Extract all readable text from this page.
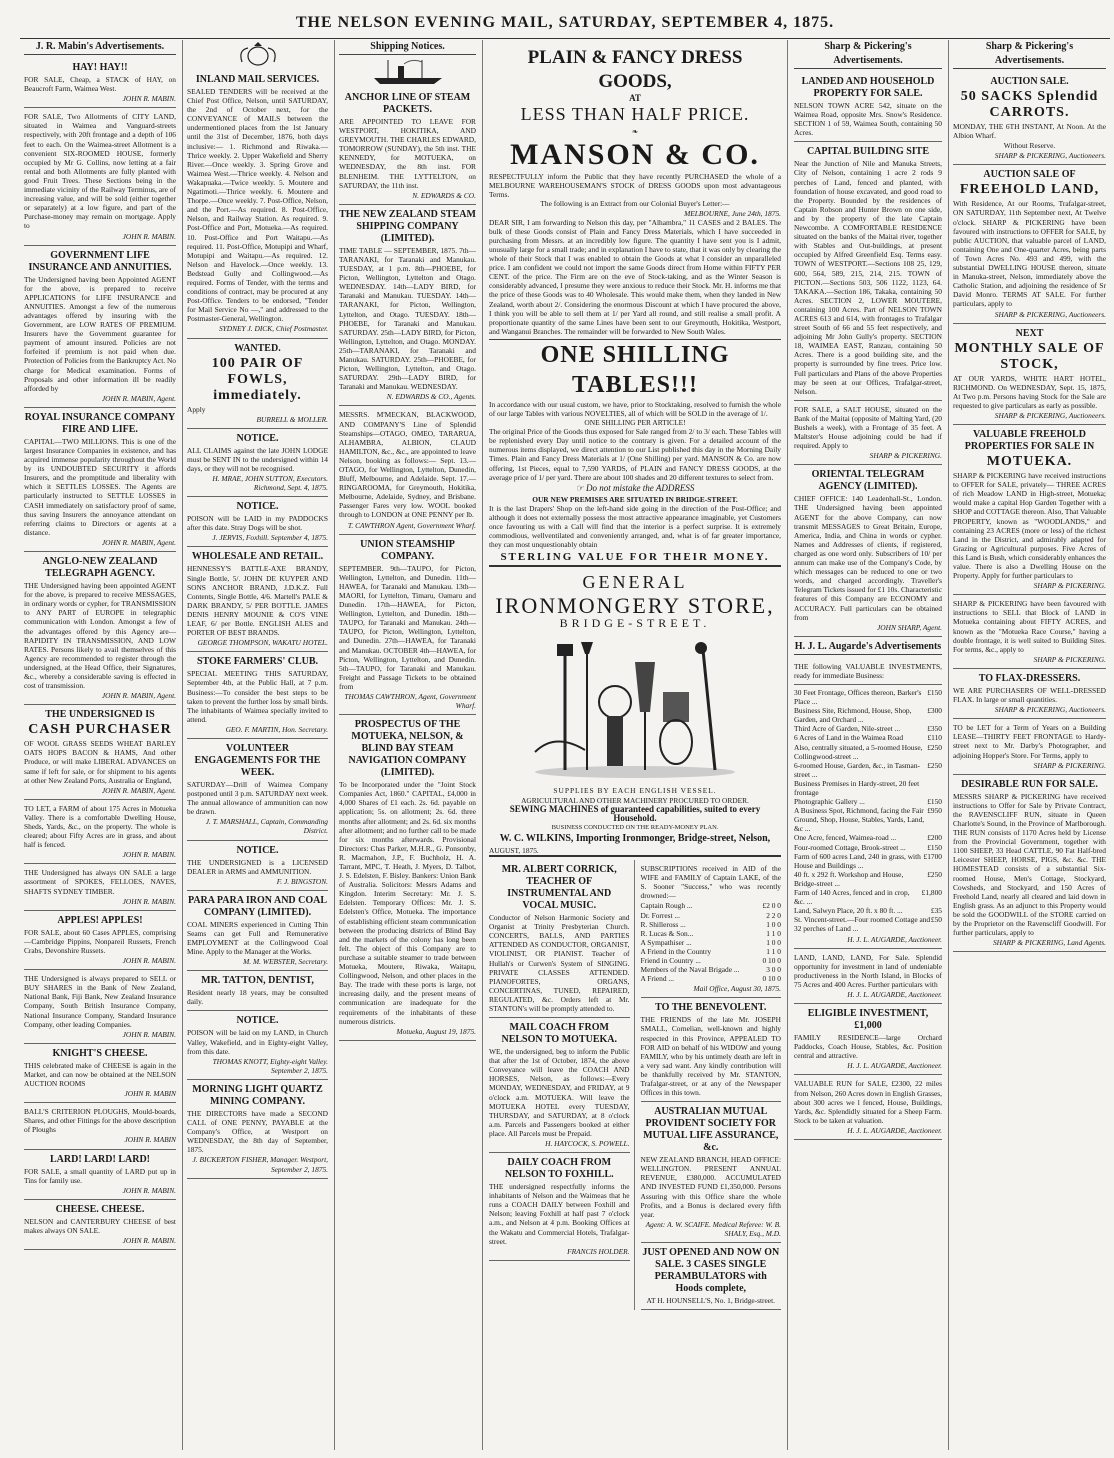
THE NELSON EVENING MAIL, SATURDAY, SEPTEMBER 4, 1875.
J. R. Mabin's Advertisements.
HAY! HAY!!
FOR SALE, Cheap, a STACK of HAY, on Beaucroft Farm, Waimea West.
JOHN R. MABIN.
FOR SALE, Two Allotments of CITY LAND, situated in Waimea and Vanguard-streets respectively, with 20ft frontage and a depth of 106 feet to each. On the Waimea-street Allotment is a convenient SIX-ROOMED HOUSE, formerly occupied by Mr G. Collins, now letting at a fair rental and both Allotments are fully planted with good Fruit Trees. These Sections being in the immediate vicinity of the Railway Terminus, are of increasing value, and will be sold (either together or separately) at a low figure, and part of the Purchase-money may remain on mortgage. Apply to
JOHN R. MABIN.
GOVERNMENT LIFE INSURANCE AND ANNUITIES.
The Undersigned having been Appointed AGENT for the above, is prepared to receive APPLICATIONS for LIFE INSURANCE and ANNUITIES. Amongst a few of the numerous advantages offered by insuring with the Government, are LOW RATES OF PREMIUM. Insurers have the Government guarantee for payment of amount insured. Policies are not forfeited if premium is not paid when due. Protection of Policies from the Bankruptcy Act. No charge for Medical examination. Forms of Proposals and other information ill be readily afforded by
JOHN R. MABIN, Agent.
ROYAL INSURANCE COMPANY FIRE AND LIFE.
CAPITAL—TWO MILLIONS. This is one of the largest Insurance Companies in existence, and has acquired immense popularity throughout the World by its UNDOUBTED SECURITY it affords Insurers, and the promptitude and liberality with which it SETTLES LOSSES. The Agents are particularly instructed to SETTLE LOSSES in CASH immediately on satisfactory proof of same, thus saving Insurers the annoyance attendant on referring claims to Directors or agents at a distance.
JOHN R. MABIN, Agent.
ANGLO-NEW ZEALAND TELEGRAPH AGENCY.
THE Undersigned having been appointed AGENT for the above, is prepared to receive MESSAGES, in ordinary words or cypher, for TRANSMISSION to ANY PART of EUROPE in telegraphic communication with London. Amongst a few of the advantages offered by this Agency are— RAPIDITY IN TRANSMISSION, AND LOW RATES. Persons likely to avail themselves of this Agency are recommended to register through the undersigned, at the Head Office, their Signatures, &c., whereby a considerable saving is effected in cost of transmission.
JOHN R. MABIN, Agent.
THE UNDERSIGNED IS
CASH PURCHASER
OF WOOL GRASS SEEDS WHEAT BARLEY OATS HOPS BACON & HAMS, And other Produce, or will make LIBERAL ADVANCES on same if left for sale, or for shipment to his agents at other New Zealand Ports, Australia or England,
JOHN R. MABIN, Agent.
TO LET, a FARM of about 175 Acres in Motueka Valley. There is a comfortable Dwelling House, Sheds, Yards, &c., on the property. The whole is cleared; about Fifty Acres are in grass, and about half is fenced.
JOHN R. MABIN.
THE Undersigned has always ON SALE a large assortment of SPOKES, FELLOES, NAVES, SHAFTS SYDNEY TIMBER.
JOHN R. MABIN.
APPLES! APPLES!
FOR SALE, about 60 Cases APPLES, comprising—Cambridge Pippins, Nonpareil Russets, French Crabs, Devonshire Russets.
JOHN R. MABIN.
THE Undersigned is always prepared to SELL or BUY SHARES in the Bank of New Zealand, National Bank, Fiji Bank, New Zealand Insurance Company, South British Insurance Company, National Insurance Company, Standard Insurance Company, other leading Companies.
JOHN R. MABIN.
KNIGHT'S CHEESE.
THIS celebrated make of CHEESE is again in the Market, and can now be obtained at the NELSON AUCTION ROOMS
JOHN R. MABIN
BALL'S CRITERION PLOUGHS, Mould-boards, Shares, and other Fittings for the above description of Ploughs
JOHN R. MABIN
LARD! LARD! LARD!
FOR SALE, a small quantity of LARD put up in Tins for family use.
JOHN R. MABIN.
CHEESE. CHEESE.
NELSON and CANTERBURY CHEESE of best makes always ON SALE.
JOHN R. MABIN.
INLAND MAIL SERVICES.
SEALED TENDERS will be received at the Chief Post Office, Nelson, until SATURDAY, the 2nd of October next, for the CONVEYANCE of MAILS between the undermentioned places from the 1st January until the 31st of December, 1876, both days inclusive:— 1. Richmond and Riwaka.—Thrice weekly. 2. Upper Wakefield and Sherry River.—Once weekly. 3. Spring Grove and Waimea West.—Thrice weekly. 4. Nelson and Wakapuaka.—Twice weekly. 5. Moutere and Ngatimoti.—Thrice weekly. 6. Moutere and Thorpe.—Once weekly. 7. Post-Office, Nelson, and the Port.—As required. 8. Post-Office, Nelson, and Railway Station. As required. 9. Post-Office and Port, Motueka.—As required. 10. Post-Office and Port Waitapu.—As required. 11. Post-Office, Motupipi and Wharf, Motupipi and Waitapu.—As required. 12. Nelson and Havelock.—Once weekly. 13. Bedstead Gully and Collingwood.—As required. Forms of Tender, with the terms and conditions of contract, may be procured at any Post-Office. Tenders to be endorsed, "Tender for Mail Service No —," and addressed to the Postmaster-General, Wellington.
SYDNEY J. DICK, Chief Postmaster.
WANTED.
100 PAIR OF FOWLS, immediately.
Apply
BURRELL & MOLLER.
NOTICE.
ALL CLAIMS against the late JOHN LODGE must be SENT IN to the undersigned within 14 days, or they will not be recognised.
H. MRAE, JOHN SUTTON, Executors. Richmond, Sept. 4, 1875.
NOTICE.
POISON will be LAID in my PADDOCKS after this date. Stray Dogs will be shot.
J. JERVIS, Foxhill. September 4, 1875.
WHOLESALE AND RETAIL.
HENNESSY'S BATTLE-AXE BRANDY, Single Bottle, 5/. JOHN DE KUYPER AND SONS ANCHOR BRAND, J.D.K.Z. Full Contents, Single Bottle, 4/6. Martell's PALE & DARK BRANDY, 5/ PER BOTTLE. JAMES DENIS HENRY MOUNIE & CO'S VINE LEAF, 6/ per Bottle. ENGLISH ALES and PORTER OF BEST BRANDS.
GEORGE THOMPSON, WAKATU HOTEL.
STOKE FARMERS' CLUB.
SPECIAL MEETING THIS SATURDAY, September 4th, at the Public Hall, at 7 p.m. Business:—To consider the best steps to be taken to prevent the further loss by small birds. The inhabitants of Waimea specially invited to attend.
GEO. F. MARTIN, Hon. Secretary.
VOLUNTEER ENGAGEMENTS FOR THE WEEK.
SATURDAY—Drill of Waimea Company postponed until 3 p.m. SATURDAY next week. The annual allowance of ammunition can now be drawn.
J. T. MARSHALL, Captain, Commanding District.
NOTICE.
THE UNDERSIGNED is a LICENSED DEALER in ARMS and AMMUNITION.
F. J. BINGSTON.
PARA PARA IRON AND COAL COMPANY (LIMITED).
COAL MINERS experienced in Cutting Thin Seams can get Full and Remunerative EMPLOYMENT at the Collingwood Coal Mine. Apply to the Manager at the Works.
M. M. WEBSTER, Secretary.
MR. TATTON, DENTIST,
Resident nearly 18 years, may be consulted daily.
NOTICE.
POISON will be laid on my LAND, in Church Valley, Wakefield, and in Eighty-eight Valley, from this date.
THOMAS KNOTT, Eighty-eight Valley. September 2, 1875.
MORNING LIGHT QUARTZ MINING COMPANY.
THE DIRECTORS have made a SECOND CALL of ONE PENNY, PAYABLE at the Company's Office, at Westport on WEDNESDAY, the 8th day of September, 1875.
J. BICKERTON FISHER, Manager. Westport, September 2, 1875.
Shipping Notices.
ANCHOR LINE OF STEAM PACKETS.
ARE APPOINTED TO LEAVE FOR WESTPORT, HOKITIKA, AND GREYMOUTH. THE CHARLES EDWARD, TOMORROW (SUNDAY), the 5th inst. THE KENNEDY, for MOTUEKA, on WEDNESDAY, the 8th inst. FOR BLENHEIM. THE LYTTELTON, on SATURDAY, the 11th inst.
N. EDWARDS & CO.
THE NEW ZEALAND STEAM SHIPPING COMPANY (LIMITED).
TIME TABLE — SEPTEMBER, 1875. 7th—TARANAKI, for Taranaki and Manukau. TUESDAY, at 1 p.m. 8th—PHOEBE, for Picton, Wellington, Lyttelton and Otago. WEDNESDAY. 14th—LADY BIRD, for Taranaki and Manukau. TUESDAY. 14th—TARANAKI, for Picton, Wellington, Lyttelton, and Otago. TUESDAY. 18th—PHOEBE, for Taranaki and Manukau. SATURDAY. 25th—LADY BIRD, for Picton, Wellington, Lyttelton, and Otago. MONDAY. 25th—TARANAKI, for Taranaki and Manukau. SATURDAY. 25th—PHOEBE, for Picton, Wellington, Lyttelton, and Otago. SATURDAY. 29th—LADY BIRD, for Taranaki and Manukau. WEDNESDAY.
N. EDWARDS & CO., Agents.
MESSRS. M'MECKAN, BLACKWOOD, AND COMPANY'S Line of Splendid Steamships—OTAGO, OMEO, TARARUA, ALHAMBRA, ALBION, CLAUD HAMILTON, &c., &c., are appointed to leave Nelson, booking as follows:— Sept. 13.—OTAGO, for Wellington, Lyttelton, Dunedin, Bluff, Melbourne, and Adelaide. Sept. 17.—RINGAROOMA, for Greymouth, Hokitika, Melbourne, Adelaide, Sydney, and Brisbane. Passenger Fares very low. WOOL booked through to LONDON at ONE PENNY per lb.
T. CAWTHRON Agent, Government Wharf.
UNION STEAMSHIP COMPANY.
SEPTEMBER. 9th—TAUPO, for Picton, Wellington, Lyttelton, and Dunedin. 11th—HAWEA, for Taranaki and Manukau. 13th—MAORI, for Lyttelton, Timaru, Oamaru and Dunedin. 17th—HAWEA, for Picton, Wellington, Lyttelton, and Dunedin. 18th—TAUPO, for Taranaki and Manukau. 24th—TAUPO, for Picton, Wellington, Lyttelton, and Dunedin. 27th—HAWEA, for Taranaki and Manukau. OCTOBER 4th—HAWEA, for Picton, Wellington, Lyttelton, and Dunedin. 5th—TAUPO, for Taranaki and Manukau. Freight and Passage Tickets to be obtained from
THOMAS CAWTHRON, Agent, Government Wharf.
PROSPECTUS OF THE MOTUEKA, NELSON, & BLIND BAY STEAM NAVIGATION COMPANY (LIMITED).
To be Incorporated under the "Joint Stock Companies Act, 1860." CAPITAL, £4,000 in 4,000 Shares of £1 each. 2s. 6d. payable on application; 5s. on allotment; 2s. 6d. three months after allotment; and 2s. 6d. six months after allotment; and no further call to be made for six months afterwards. Provisional Directors: Chas Parker, M.H.R., G. Ponsonby, R. Macmahon, J.P., F. Buchholz, H. A. Tarrant, MPC, T. Heath, J. Myers, D. Talbot, J. S. Edelsten, F. Bisley. Bankers: Union Bank of Australia. Solicitors: Messrs Adams and Kingdon. Interim Secretary: Mr. J. S. Edelsten. Temporary Offices: Mr. J. S. Edelsten's Office, Motueka. The importance of establishing efficient steam communication between the producing districts of Blind Bay and the markets of the colony has long been felt. The object of this Company are to purchase a suitable steamer to trade between Motueka, Moutere, Riwaka, Waitapu, Collingwood, Nelson, and other places in the Bay. The trade with these ports is large, not increasing daily, and the present means of communication are inadequate for the requirements of the inhabitants of these numerous districts.
Motueka, August 19, 1875.
PLAIN & FANCY DRESS GOODS,
AT
LESS THAN HALF PRICE.
❧
MANSON & CO.
RESPECTFULLY inform the Public that they have recently PURCHASED the whole of a MELBOURNE WAREHOUSEMAN'S STOCK of DRESS GOODS upon most advantageous Terms.
The following is an Extract from our Colonial Buyer's Letter:—
MELBOURNE, June 24th, 1875.
DEAR SIR, I am forwarding to Nelson this day, per "Alhambra," 11 CASES and 2 BALES. The bulk of these Goods consist of Plain and Fancy Dress Materials, which I have succeeded in purchasing from Messrs. at an incredibly low figure. The quantity I have sent you is I admit, unusually large for a small trade; and in explanation I have to state, that it was only by clearing the whole of their Stock that I was enabled to obtain the Goods at what I consider an unparalleled price. I am confident we could not import the same Goods direct from Home within FIFTY PER CENT. of the price. The Firm are on the eve of Stock-taking, and as the Winter Season is considerably advanced, I presume they were anxious to reduce their Stock. Mr. H. informs me that the price of these Goods was to 40 Wholesale. This would make them, when they landed in New Zealand, worth about 2/. Considering the enormous Discount at which I have procured the above, I think you will be able to sell them at 1/ per Yard all round, and still realise a small profit. A proportionate quantity of the same Lines have been sent to our Greymouth, Hokitika, Westport, and Wanganui Branches. The remainder will be forwarded to New South Wales.
ONE SHILLING TABLES!!!
In accordance with our usual custom, we have, prior to Stocktaking, resolved to furnish the whole of our large Tables with various NOVELTIES, all of which will be SOLD in the average of 1/.
ONE SHILLING PER ARTICLE!
The original Price of the Goods thus exposed for Sale ranged from 2/ to 3/ each. These Tables will be replenished every Day until notice to the contrary is given. For a detailed account of the numerous items displayed, we direct attention to our List published this day in the Morning Daily Times. Plain and Fancy Dress Materials at 1/ (One Shilling) per yard. MANSON & Co. are now offering, 1st Pieces, equal to 7,590 YARDS, of PLAIN and FANCY DRESS GOODS, at the average price of 1/ per yard. There are about 100 shades and 20 different textures to select from.
☞ Do not mistake the ADDRESS
OUR NEW PREMISES ARE SITUATED IN BRIDGE-STREET.
It is the last Drapers' Shop on the left-hand side going in the direction of the Post-Office; and although it does not externally possess the most attractive appearance imaginable, yet Customers once favouring us with a Call will find that the interior is a perfect surprise. It is extremely commodious, wellventilated and conveniently arranged, and, what is of far greater importance, they can most unquestionably obtain
STERLING VALUE FOR THEIR MONEY.
GENERAL
IRONMONGERY STORE,
BRIDGE-STREET.
SUPPLIES BY EACH ENGLISH VESSEL.
AGRICULTURAL AND OTHER MACHINERY PROCURED TO ORDER.
SEWING MACHINES of guaranteed capabilities, suited to every Household.
BUSINESS CONDUCTED ON THE READY-MONEY PLAN.
W. C. WILKINS, Importing Ironmonger, Bridge-street, Nelson,
AUGUST, 1875.
MR. ALBERT CORRICK, TEACHER OF INSTRUMENTAL AND VOCAL MUSIC.
Conductor of Nelson Harmonic Society and Organist at Trinity Presbyterian Church. CONCERTS, BALLS, AND PARTIES ATTENDED AS CONDUCTOR, ORGANIST, VIOLINIST, OR PIANIST. Teacher of Hullah's or Curwen's System of SINGING. PRIVATE CLASSES ATTENDED. PIANOFORTES, ORGANS, CONCERTINAS, TUNED, REPAIRED, REGULATED, &c. Orders left at Mr. STANTON's will be promptly attended to.
MAIL COACH FROM NELSON TO MOTUEKA.
WE, the undersigned, beg to inform the Public that after the 1st of October, 1874, the above Conveyance will leave the COACH AND HORSES, Nelson, as follows:—Every MONDAY, WEDNESDAY, and FRIDAY, at 9 o'clock a.m. MOTUEKA. Will leave the MOTUEKA HOTEL every TUESDAY, THURSDAY, and SATURDAY, at 8 o'clock a.m. Parcels and Passengers booked at either place. All Parcels must be Prepaid.
H. HAYCOCK, S. POWELL.
DAILY COACH FROM NELSON TO FOXHILL.
THE undersigned respectfully informs the inhabitants of Nelson and the Waimeas that he runs a COACH DAILY between Foxhill and Nelson; leaving Foxhill at half past 7 o'clock a.m., and Nelson at 4 p.m. Booking Offices at the Wakatu and Commercial Hotels, Trafalgar-street.
FRANCIS HOLDER.
SUBSCRIPTIONS received in AID of the WIFE and FAMILY of Captain LAKE, of the S. Sooner "Success," who was recently drowned:—
Captain Rough ...	£2 0 0
Dr. Forrest ...	2 2 0
R. Shilleross ...	1 0 0
R. Lucas & Son...	1 1 0
A Sympathiser ...	1 0 0
A Friend in the Country	1 1 0
Friend in Country ...	0 10 0
Members of the Naval Brigade ...	3 0 0
A Friend ...	0 10 0
Mail Office, August 30, 1875.
TO THE BENEVOLENT.
THE FRIENDS of the late Mr. JOSEPH SMALL, Cornelian, well-known and highly respected in this Province, APPEALED TO FOR AID on behalf of his WIDOW and young FAMILY, who by his untimely death are left in a very sad want. Any kindly contribution will be thankfully received by Mr. STANTON, Trafalgar-street, or at any of the Newspaper Offices in this town.
AUSTRALIAN MUTUAL PROVIDENT SOCIETY FOR MUTUAL LIFE ASSURANCE, &c.
NEW ZEALAND BRANCH, HEAD OFFICE: WELLINGTON. PRESENT ANNUAL REVENUE, £380,000. ACCUMULATED AND INVESTED FUND £1,350,000. Persons Assuring with this Office share the whole Profits, and a Bonus is declared every fifth year.
Agent: A. W. SCAIFE. Medical Referee: W. B. SHALY, Esq., M.D.
JUST OPENED AND NOW ON SALE. 3 CASES SINGLE PERAMBULATORS with Hoods complete,
AT H. HOUNSELL'S, No. 1, Bridge-street.
Sharp & Pickering's Advertisements.
LANDED AND HOUSEHOLD PROPERTY FOR SALE.
NELSON TOWN ACRE 542, situate on the Waimea Road, opposite Mrs. Snow's Residence. SECTION 1 of 59, Waimea South, containing 50 Acres.
CAPITAL BUILDING SITE
Near the Junction of Nile and Manuka Streets, City of Nelson, containing 1 acre 2 rods 9 perches of Land, fenced and planted, with foundation of house excavated, and good road to the Property. Bounded by the residences of Captain Robson and Hunter Brown on one side, and by the property of the late Captain Newcombe. A COMFORTABLE RESIDENCE situated on the banks of the Maitai river, together with Stables and Out-buildings, at present occupied by Alfred Greenfield Esq. Terms easy. TOWN of WESTPORT.—Sections 108 25, 129, 600, 564, 589, 215, 214, 215. TOWN of PICTON.—Sections 503, 506 1122, 1123, 64. TAKAKA.—Section 186, Takaka, containing 50 Acres. SECTION 2, LOWER MOUTERE, containing 100 Acres. Part of NELSON TOWN ACRES 613 and 614, with frontages to Trafalgar street South of 66 and 55 feet respectively, and adjoining Mr John Gully's property. SECTION 18, WAIMEA EAST, Ranzau, containing 50 Acres. There is a good building site, and the property is surrounded by fine trees. Price low. Full particulars and Plans of the above Properties may be seen at our Offices, Trafalgar-street, Nelson.
FOR SALE, a SALT HOUSE, situated on the Bank of the Maitai (opposite of Malting Yard, (20 Bushels a week), with a Frontage of 35 feet. A Maltster's House adjoining could be had if required. Apply to
SHARP & PICKERING.
ORIENTAL TELEGRAM AGENCY (LIMITED).
CHIEF OFFICE: 140 Leadenhall-St., London. THE Undersigned having been appointed AGENT for the above Company, can now transmit MESSAGES to Great Britain, Europe, America, India, and China in words or cypher. Names and Addresses of clients, if registered, charged as one word only. Subscribers of 10/ per annum can make use of the Company's Code, by which messages can be reduced to one or two words, and charged accordingly. Traveller's Telegram Tickets issued for £1 10s. Characteristic features of this Company are ECONOMY and ACCURACY. Full particulars can be obtained from
JOHN SHARP, Agent.
H. J. L. Augarde's Advertisements
THE following VALUABLE INVESTMENTS, ready for immediate Business:
30 Feet Frontage, Offices thereon, Barker's Place ...
£150
Business Site, Richmond, House, Shop, Garden, and Orchard ...
£300
Third Acre of Garden, Nile-street ...	£350
6 Acres of Land in the Waimea Road	£110
Also, centrally situated, a 5-roomed House, Collingwood-street ...
£250
6-roomed House, Garden, &c., in Tasman-street ...
£250
Business Premises in Hardy-street, 20 feet frontage
Photographic Gallery ...	£150
A Business Spot, Richmond, facing the Fair Ground, Shop, House, Stables, Yards, Land, &c ...
£950
One Acre, fenced, Waimea-road ...	£200
Four-roomed Cottage, Brook-street ...	£150
Farm of 600 acres Land, 240 in grass, with House and Buildings ...
£1700
40 ft. x 292 ft. Workshop and House, Bridge-street ...
£250
Farm of 140 Acres, fenced and in crop, &c. ...
£1,800
Land, Salwyn Place, 20 ft. x 80 ft. ...	£35
St. Vincent-street.—Four roomed Cottage and 32 perches of Land ...
£50
H. J. L. AUGARDE, Auctioneer.
LAND, LAND, LAND, For Sale. Splendid opportunity for investment in land of undeniable productiveness in the North Island, in Blocks of 75 Acres and 400 Acres. Further particulars with
H. J. L. AUGARDE, Auctioneer.
ELIGIBLE INVESTMENT, £1,000
FAMILY RESIDENCE—large Orchard Paddocks, Coach House, Stables, &c. Position central and attractive.
H. J. L. AUGARDE, Auctioneer.
VALUABLE RUN for SALE, £2300, 22 miles from Nelson, 260 Acres down in English Grasses, about 300 acres we l fenced, House, Buildings, Yards, &c. Splendidly situated for a Sheep Farm. Stock to be taken at valuation.
H. J. L. AUGARDE, Auctioneer.
Sharp & Pickering's Advertisements.
AUCTION SALE.
50 SACKS Splendid CARROTS.
MONDAY, THE 6TH INSTANT, At Noon. At the Albion Wharf.
Without Reserve.
SHARP & PICKERING, Auctioneers.
AUCTION SALE OF
FREEHOLD LAND,
With Residence, At our Rooms, Trafalgar-street, ON SATURDAY, 11th September next, At Twelve o'clock. SHARP & PICKERING have been favoured with instructions to OFFER for SALE, by public AUCTION, that valuable parcel of LAND, containing One and One-quarter Acres, being parts of Town Acres No. 493 and 499, with the substantial DWELLING HOUSE thereon, situate in Manuka-street, Nelson, immediately above the Catholic Station, and adjoining the residence of Sr David Monro. TERMS AT SALE. For further particulars, apply to
SHARP & PICKERING, Auctioneers.
NEXT
MONTHLY SALE OF STOCK,
AT OUR YARDS, WHITE HART HOTEL, RICHMOND. On WEDNESDAY, Sept. 15, 1875, At Two p.m. Persons having Stock for the Sale are requested to give particulars as early as possible.
SHARP & PICKERING, Auctioneers.
VALUABLE FREEHOLD PROPERTIES FOR SALE IN
MOTUEKA.
SHARP & PICKERING have received instructions to OFFER for SALE, privately— THREE ACRES of rich Meadow LAND in High-street, Motueka; would make a capital Hop Garden Together with a SHOP and COTTAGE thereon. Also, That Valuable PROPERTY, known as "WOODLANDS," and containing 23 ACRES (more or less) of the richest Land in the District, and admirably adapted for Grazing or Agricultural purposes. Five Acres of this Land is Bush, which considerably enhances the value. There is also a Dwelling House on the Property. Apply for further particulars to
SHARP & PICKERING.
SHARP & PICKERING have been favoured with instructions to SELL that Block of LAND in Motueka containing about FIFTY ACRES, and known as the "Motueka Race Course," having a double frontage, it is well suited to Building Sites. For terms, &c., apply to
SHARP & PICKERING.
TO FLAX-DRESSERS.
WE ARE PURCHASERS OF WELL-DRESSED FLAX. In large or small quantities.
SHARP & PICKERING, Auctioneers.
TO be LET for a Term of Years on a Building LEASE—THIRTY FEET FRONTAGE to Hardy-street next to Mr. Darby's Photographer, and adjoining Hopper's Store. For Terms, apply to
SHARP & PICKERING.
DESIRABLE RUN FOR SALE.
MESSRS SHARP & PICKERING have received instructions to Offer for Sale by Private Contract, the RAVENSCLIFF RUN, situate in Queen Charlotte's Sound, in the Province of Marlborough. THE RUN consists of 1170 Acres held by License from the Provincial Government, together with 1100 SHEEP, 33 Head CATTLE, 90 Fat Half-bred Leicester SHEEP, HORSE, PIGS, &c. &c. THE HOMESTEAD consists of a substantial Six-roomed House, Men's Cottage, Stockyard, Cowsheds, and Stockyard, and 150 Acres of Freehold Land, nearly all cleared and laid down in English grass. As an adjunct to this Property would be sold the GOODWILL of the STORE carried on by the Proprietor on the Ravenscliff Goodwill. For further particulars, apply to
SHARP & PICKERING, Land Agents.
